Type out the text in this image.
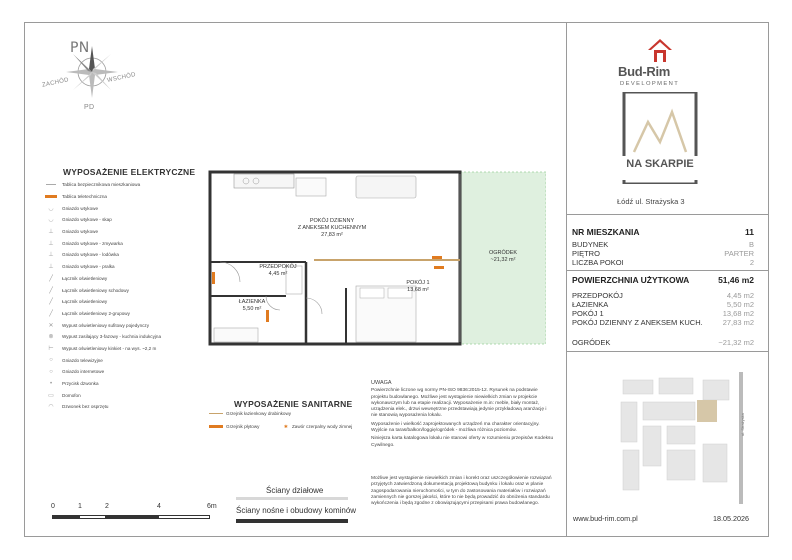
PN
PD
ZACHÓD	WSCHÓD
WYPOSAŻENIE ELEKTRYCZNE
Tablica bezpiecznikowa mieszkaniowa
Tablica teletechniczna
◡	Gniazdo wtykowe
◡	Gniazdo wtykowe - skap
⊥	Gniazdo wtykowe
⊥	Gniazdo wtykowe - zmywarka
⊥	Gniazdo wtykowe - lodówka
⊥	Gniazdo wtykowe - pralka
╱	Łącznik oświetleniowy
╱	Łącznik oświetleniowy schodowy
╱	Łącznik oświetleniowy
╱	Łącznik oświetleniowy 2-grupowy
✕	Wypust oświetleniowy sufitowy pojedynczy
⊗	Wypust zasilający 3-fazowy - kuchnia indukcyjna
⊢	Wypust oświetleniowy kinkiet - na wys. ~2,2 m
○	Gniazdo telewizyjne
○	Gniazdo internetowe
•	Przycisk dzwonka
▭	Domofon
◠	Dzwonek bez osprzętu
POKÓJ DZIENNY
Z ANEKSEM KUCHENNYM
27,83 m²
PRZEDPOKÓJ
4,45 m²
ŁAZIENKA
5,50 m²
POKÓJ 1
13,68 m²
OGRÓDEK
~21,32 m²
WYPOSAŻENIE SANITARNE
Grzejnik łazienkowy drabinkowy
Grzejnik płytowy	✱ Zawór czerpalny wody zimnej

UWAGA

Powierzchnie liczone wg normy PN-ISO 9836:2015-12. Rysunek na podstawie projektu budowlanego. Możliwe jest wystąpienie niewielkich zmian w projekcie wykonawczym lub na etapie realizacji. Wyposażenie m.in: meble, biały montaż, urządzenia elek., drzwi wewnętrzne przedstawiają jedynie przykładową aranżację i nie stanowią wyposażenia lokalu.

Wyposażenie i wielkość zaprojektowanych urządzeń ma charakter orientacyjny. Wyjście na taras/balkon/loggię/ogródek - możliwa różnica poziomów.

Niniejsza karta katalogowa lokalu nie stanowi oferty w rozumieniu przepisów Kodeksu Cywilnego.

Możliwe jest wystąpienie niewielkich zmian i korekt oraz uszczegółowienie rozwiązań przyjętych zatwierdzoną dokumentacją projektową budynku i lokalu oraz w planie zagospodarowania nieruchomości, w tym do zastosowania materiałów i rozwiązań zamiennych nie gorszej jakości, które to nie będą prowadzić do obniżenia standardu wykończenia i będą zgodne z obowiązującymi przepisami prawa budowlanego.

0	1	2	4	6m
Ściany działowe
Ściany nośne i obudowy kominów
Bud-Rim
DEVELOPMENT
NA SKARPIE
Łódź ul. Strażyska 3
NR MIESZKANIA	11
BUDYNEK	B
PIĘTRO	PARTER
LICZBA POKOI	2
POWIERZCHNIA UŻYTKOWA	51,46 m2
PRZEDPOKÓJ	4,45 m2
ŁAZIENKA	5,50 m2
POKÓJ 1	13,68 m2
POKÓJ DZIENNY Z ANEKSEM KUCH.	27,83 m2
OGRÓDEK	~21,32 m2
ul. Strażyska
www.bud-rim.com.pl	18.05.2026
